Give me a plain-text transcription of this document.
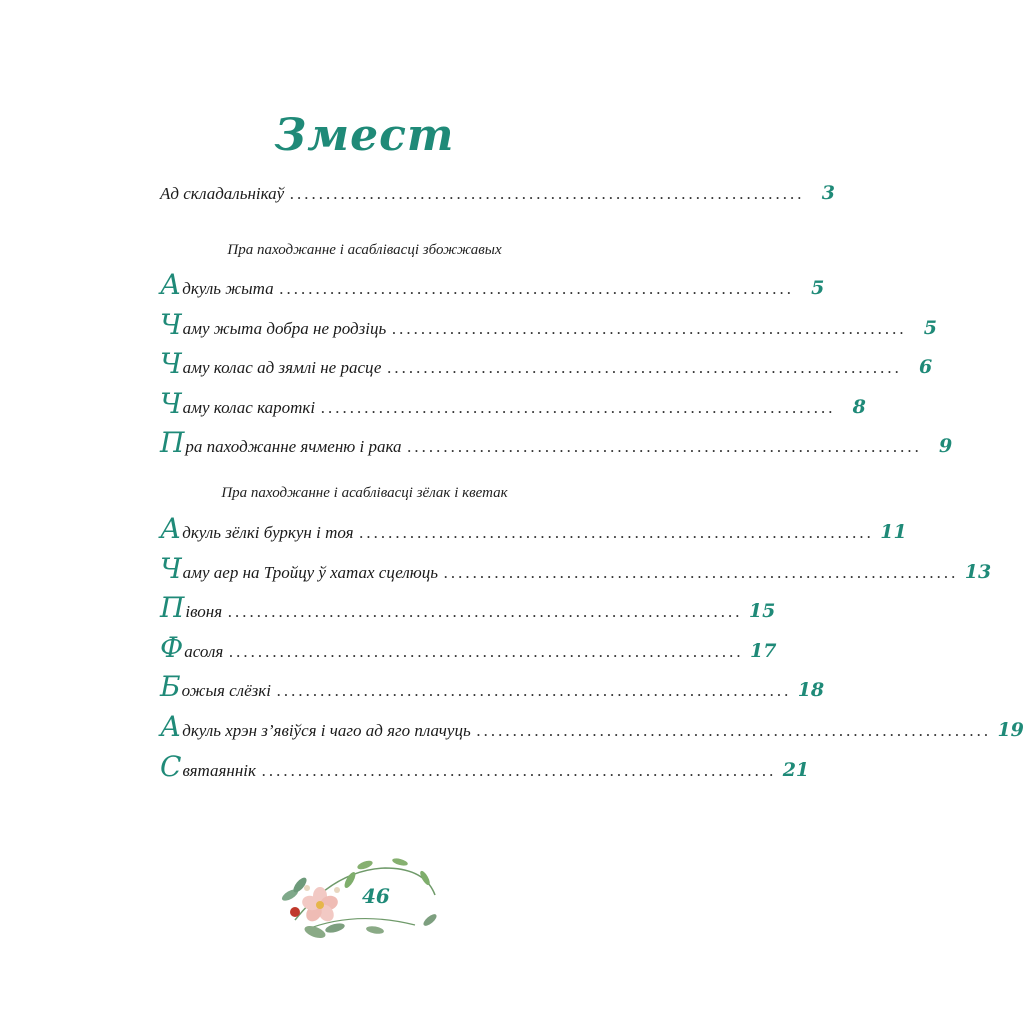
Змест
Ад складальнікаў ....................................................................... 3
Пра паходжанне і асаблівасці збожжавых
Адкуль жыта ....................................................................... 5
Чаму жыта добра не родзіць ....................................................................... 5
Чаму колас ад зямлі не расце ....................................................................... 6
Чаму колас кароткі ....................................................................... 8
Пра паходжанне ячменю і рака ....................................................................... 9
Пра паходжанне і асаблівасці зёлак і кветак
Адкуль зёлкі буркун і тоя ....................................................................... 11
Чаму аер на Тройцу ў хатах сцелюць ....................................................................... 13
Півоня ....................................................................... 15
Фасоля ....................................................................... 17
Божыя слёзкі ....................................................................... 18
Адкуль хрэн з’явіўся і чаго ад яго плачуць ....................................................................... 19
Святаяннік ....................................................................... 21
46
